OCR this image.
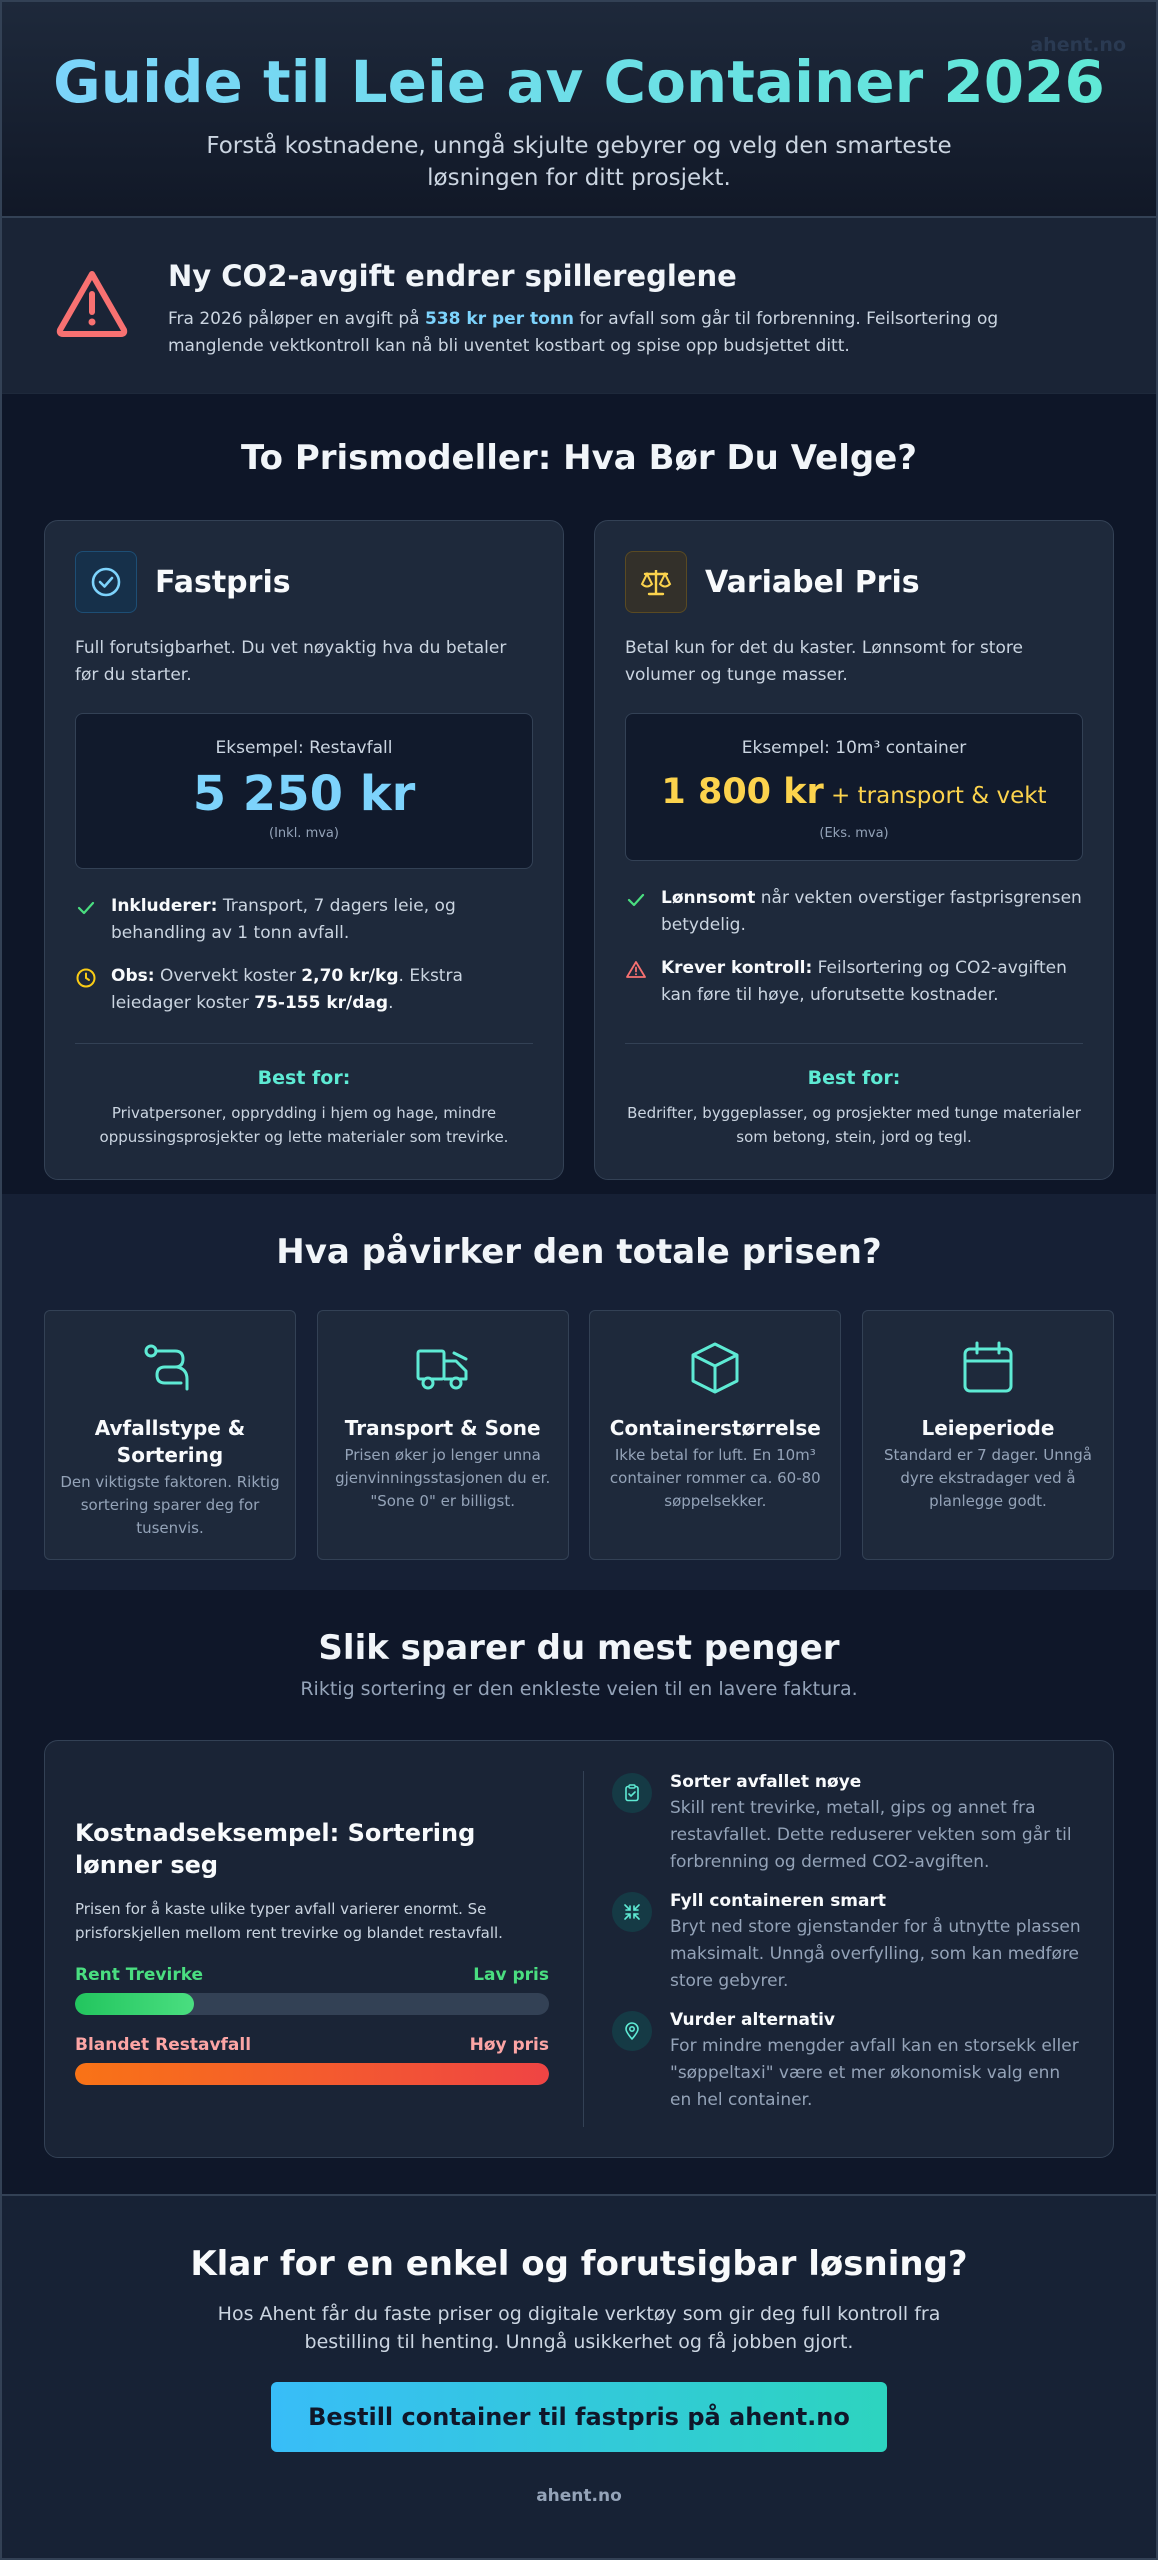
ahent.no
Guide til Leie av Container 2026
Forstå kostnadene, unngå skjulte gebyrer og velg den smarteste løsningen for ditt prosjekt.
Ny CO2-avgift endrer spillereglene
Fra 2026 påløper en avgift på 538 kr per tonn for avfall som går til forbrenning. Feilsortering og manglende vektkontroll kan nå bli uventet kostbart og spise opp budsjettet ditt.
To Prismodeller: Hva Bør Du Velge?
Fastpris
Full forutsigbarhet. Du vet nøyaktig hva du betaler før du starter.
Eksempel: Restavfall
5 250 kr
(Inkl. mva)
Inkluderer: Transport, 7 dagers leie, og behandling av 1 tonn avfall.
Obs: Overvekt koster 2,70 kr/kg. Ekstra leiedager koster 75-155 kr/dag.
Best for:
Privatpersoner, opprydding i hjem og hage, mindre oppussingsprosjekter og lette materialer som trevirke.
Variabel Pris
Betal kun for det du kaster. Lønnsomt for store volumer og tunge masser.
Eksempel: 10m³ container
1 800 kr + transport & vekt
(Eks. mva)
Lønnsomt når vekten overstiger fastprisgrensen betydelig.
Krever kontroll: Feilsortering og CO2-avgiften kan føre til høye, uforutsette kostnader.
Best for:
Bedrifter, byggeplasser, og prosjekter med tunge materialer som betong, stein, jord og tegl.
Hva påvirker den totale prisen?
Avfallstype & Sortering
Den viktigste faktoren. Riktig sortering sparer deg for tusenvis.
Transport & Sone
Prisen øker jo lenger unna gjenvinningsstasjonen du er. "Sone 0" er billigst.
Containerstørrelse
Ikke betal for luft. En 10m³ container rommer ca. 60-80 søppelsekker.
Leieperiode
Standard er 7 dager. Unngå dyre ekstradager ved å planlegge godt.
Slik sparer du mest penger
Riktig sortering er den enkleste veien til en lavere faktura.
Kostnadseksempel: Sortering lønner seg
Prisen for å kaste ulike typer avfall varierer enormt. Se prisforskjellen mellom rent trevirke og blandet restavfall.
Rent Trevirke	Lav pris
Blandet Restavfall	Høy pris
Sorter avfallet nøye
Skill rent trevirke, metall, gips og annet fra restavfallet. Dette reduserer vekten som går til forbrenning og dermed CO2-avgiften.
Fyll containeren smart
Bryt ned store gjenstander for å utnytte plassen maksimalt. Unngå overfylling, som kan medføre store gebyrer.
Vurder alternativ
For mindre mengder avfall kan en storsekk eller "søppeltaxi" være et mer økonomisk valg enn en hel container.
Klar for en enkel og forutsigbar løsning?
Hos Ahent får du faste priser og digitale verktøy som gir deg full kontroll fra bestilling til henting. Unngå usikkerhet og få jobben gjort.
Bestill container til fastpris på ahent.no
ahent.no
